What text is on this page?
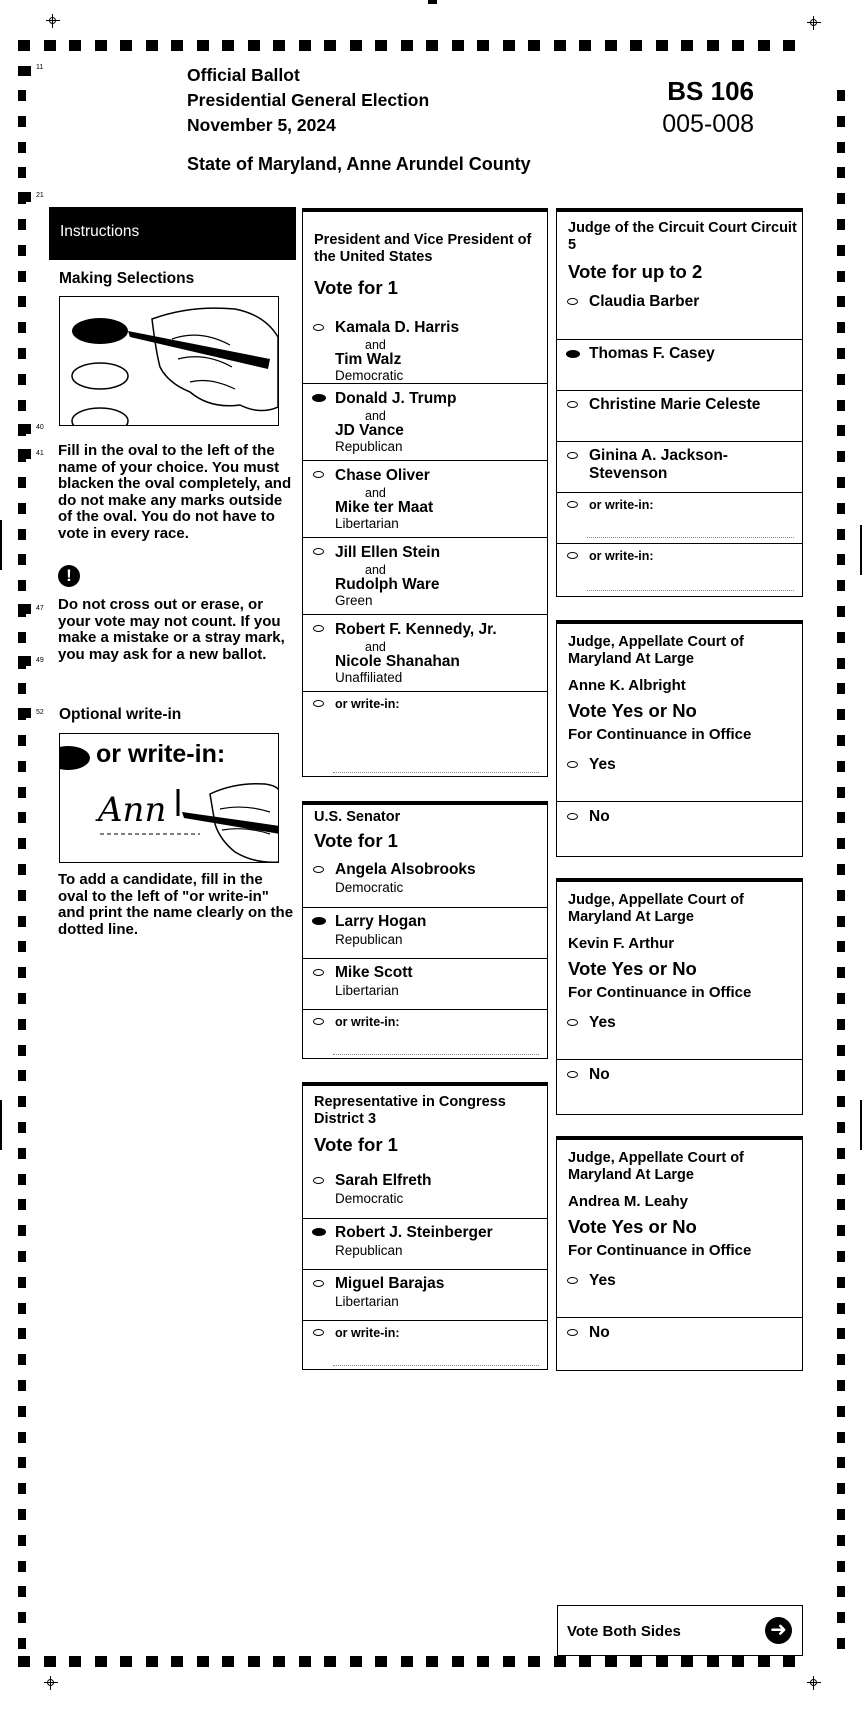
11
21
40
41
47
49
52
Official Ballot
Presidential General Election
November 5, 2024
BS 106
005-008
State of Maryland, Anne Arundel County
Instructions
Making Selections
Fill in the oval to the left of the name of your choice. You must blacken the oval completely, and do not make any marks outside of the oval. You do not have to vote in every race.
!
Do not cross out or erase, or your vote may not count. If you make a mistake or a stray mark, you may ask for a new ballot.
Optional write-in
or write-in:
Ann
To add a candidate, fill in the oval to the left of "or write-in" and print the name clearly on the dotted line.
President and Vice President of the United States
Vote for 1
Kamala D. Harris
and
Tim Walz
Democratic
Donald J. Trump
and
JD Vance
Republican
Chase Oliver
and
Mike ter Maat
Libertarian
Jill Ellen Stein
and
Rudolph Ware
Green
Robert F. Kennedy, Jr.
and
Nicole Shanahan
Unaffiliated
or write-in:
U.S. Senator
Vote for 1
Angela Alsobrooks
Democratic
Larry Hogan
Republican
Mike Scott
Libertarian
or write-in:
Representative in Congress District 3
Vote for 1
Sarah Elfreth
Democratic
Robert J. Steinberger
Republican
Miguel Barajas
Libertarian
or write-in:
Judge of the Circuit Court Circuit 5
Vote for up to 2
Claudia Barber
Thomas F. Casey
Christine Marie Celeste
Ginina A. Jackson-Stevenson
or write-in:
or write-in:
Judge, Appellate Court of Maryland At Large
Anne K. Albright
Vote Yes or No
For Continuance in Office
Yes
No
Judge, Appellate Court of Maryland At Large
Kevin F. Arthur
Vote Yes or No
For Continuance in Office
Yes
No
Judge, Appellate Court of Maryland At Large
Andrea M. Leahy
Vote Yes or No
For Continuance in Office
Yes
No
Vote Both Sides	➜
